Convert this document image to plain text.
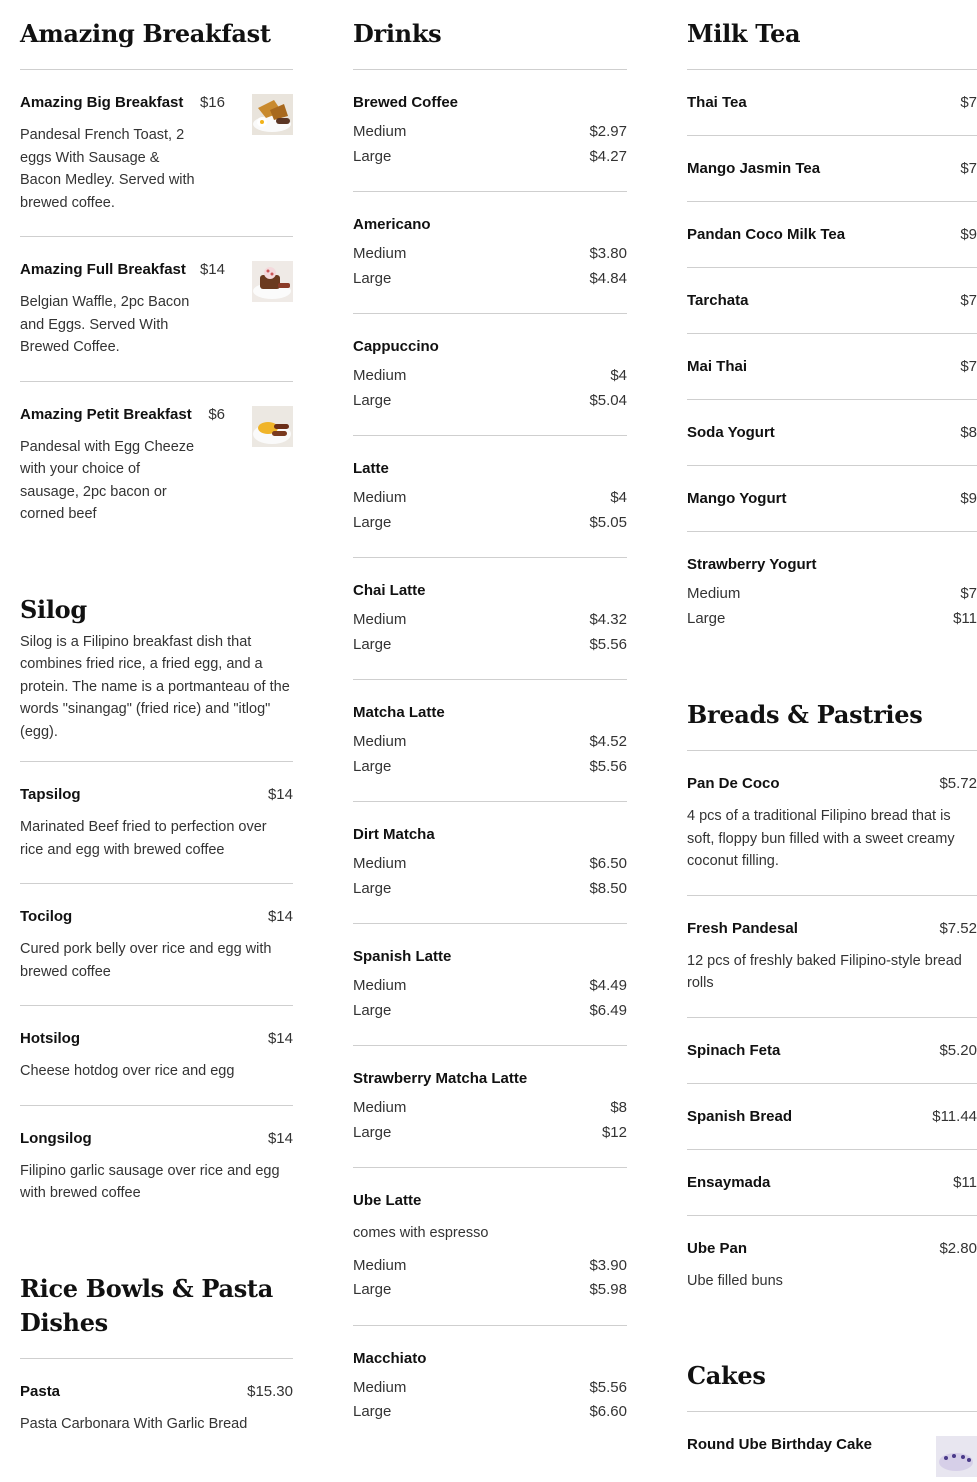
Amazing Breakfast
Amazing Big Breakfast $16
Pandesal French Toast, 2 eggs With Sausage & Bacon Medley. Served with brewed coffee.
Amazing Full Breakfast $14
Belgian Waffle, 2pc Bacon and Eggs. Served With Brewed Coffee.
Amazing Petit Breakfast $6
Pandesal with Egg Cheeze with your choice of sausage, 2pc bacon or corned beef
Silog
Silog is a Filipino breakfast dish that combines fried rice, a fried egg, and a protein. The name is a portmanteau of the words "sinangag" (fried rice) and "itlog" (egg).
Tapsilog	$14
Marinated Beef fried to perfection over
rice and egg with brewed coffee
Tocilog	$14
Cured pork belly over rice and egg with brewed coffee
Hotsilog	$14
Cheese hotdog over rice and egg
Longsilog	$14
Filipino garlic sausage over rice and egg with brewed coffee
Rice Bowls & Pasta Dishes
Pasta	$15.30
Pasta Carbonara With Garlic Bread
Drinks
Brewed Coffee
Medium	$2.97
Large	$4.27
Americano
Medium	$3.80
Large	$4.84
Cappuccino
Medium	$4
Large	$5.04
Latte
Medium	$4
Large	$5.05
Chai Latte
Medium	$4.32
Large	$5.56
Matcha Latte
Medium	$4.52
Large	$5.56
Dirt Matcha
Medium	$6.50
Large	$8.50
Spanish Latte
Medium	$4.49
Large	$6.49
Strawberry Matcha Latte
Medium	$8
Large	$12
Ube Latte
comes with espresso
Medium	$3.90
Large	$5.98
Macchiato
Medium	$5.56
Large	$6.60
Milk Tea
Thai Tea	$7
Mango Jasmin Tea	$7
Pandan Coco Milk Tea	$9
Tarchata	$7
Mai Thai	$7
Soda Yogurt	$8
Mango Yogurt	$9
Strawberry Yogurt
Medium	$7
Large	$11
Breads & Pastries
Pan De Coco	$5.72
4 pcs of a traditional Filipino bread that is soft, floppy bun filled with a sweet creamy coconut filling.
Fresh Pandesal	$7.52
12 pcs of freshly baked Filipino-style bread rolls
Spinach Feta	$5.20
Spanish Bread	$11.44
Ensaymada	$11
Ube Pan	$2.80
Ube filled buns
Cakes
Round Ube Birthday Cake
